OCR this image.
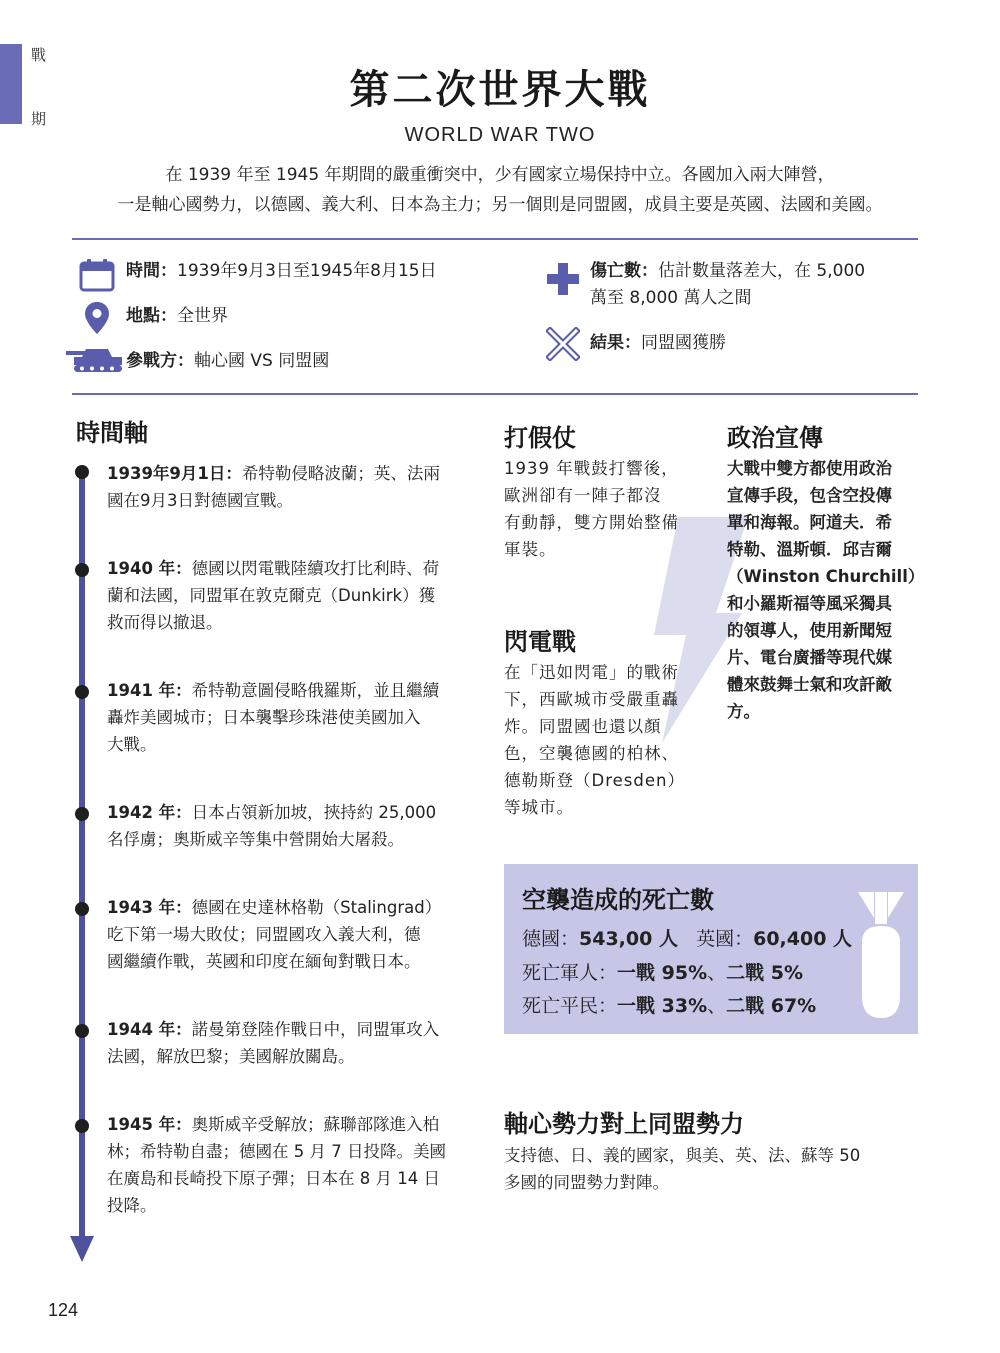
戰
期
第二次世界大戰
WORLD WAR TWO
在 1939 年至 1945 年期間的嚴重衝突中，少有國家立場保持中立。各國加入兩大陣營，
一是軸心國勢力，以德國、義大利、日本為主力；另一個則是同盟國，成員主要是英國、法國和美國。
時間：1939年9月3日至1945年8月15日
地點：全世界
參戰方：軸心國 VS 同盟國
傷亡數：估計數量落差大，在 5,000
萬至 8,000 萬人之間
結果：同盟國獲勝
時間軸
1939年9月1日：希特勒侵略波蘭；英、法兩
國在9月3日對德國宣戰。
1940 年：德國以閃電戰陸續攻打比利時、荷
蘭和法國，同盟軍在敦克爾克（Dunkirk）獲
救而得以撤退。
1941 年：希特勒意圖侵略俄羅斯，並且繼續
轟炸美國城市；日本襲擊珍珠港使美國加入
大戰。
1942 年：日本占領新加坡，挾持約 25,000
名俘虜；奧斯威辛等集中營開始大屠殺。
1943 年：德國在史達林格勒（Stalingrad）
吃下第一場大敗仗；同盟國攻入義大利，德
國繼續作戰，英國和印度在緬甸對戰日本。
1944 年：諾曼第登陸作戰日中，同盟軍攻入
法國，解放巴黎；美國解放關島。
1945 年：奧斯威辛受解放；蘇聯部隊進入柏
林；希特勒自盡；德國在 5 月 7 日投降。美國
在廣島和長崎投下原子彈；日本在 8 月 14 日
投降。
打假仗
1939 年戰鼓打響後，
歐洲卻有一陣子都沒
有動靜，雙方開始整備
軍裝。
閃電戰
在「迅如閃電」的戰術
下，西歐城市受嚴重轟
炸。同盟國也還以顏
色，空襲德國的柏林、
德勒斯登（Dresden）
等城市。
政治宣傳
大戰中雙方都使用政治
宣傳手段，包含空投傳
單和海報。阿道夫．希
特勒、溫斯頓．邱吉爾
（Winston Churchill）
和小羅斯福等風采獨具
的領導人，使用新聞短
片、電台廣播等現代媒
體來鼓舞士氣和攻訐敵
方。
空襲造成的死亡數
德國：543,00 人 英國：60,400 人
死亡軍人：一戰 95%、二戰 5%
死亡平民：一戰 33%、二戰 67%
軸心勢力對上同盟勢力
支持德、日、義的國家，與美、英、法、蘇等 50
多國的同盟勢力對陣。
124
